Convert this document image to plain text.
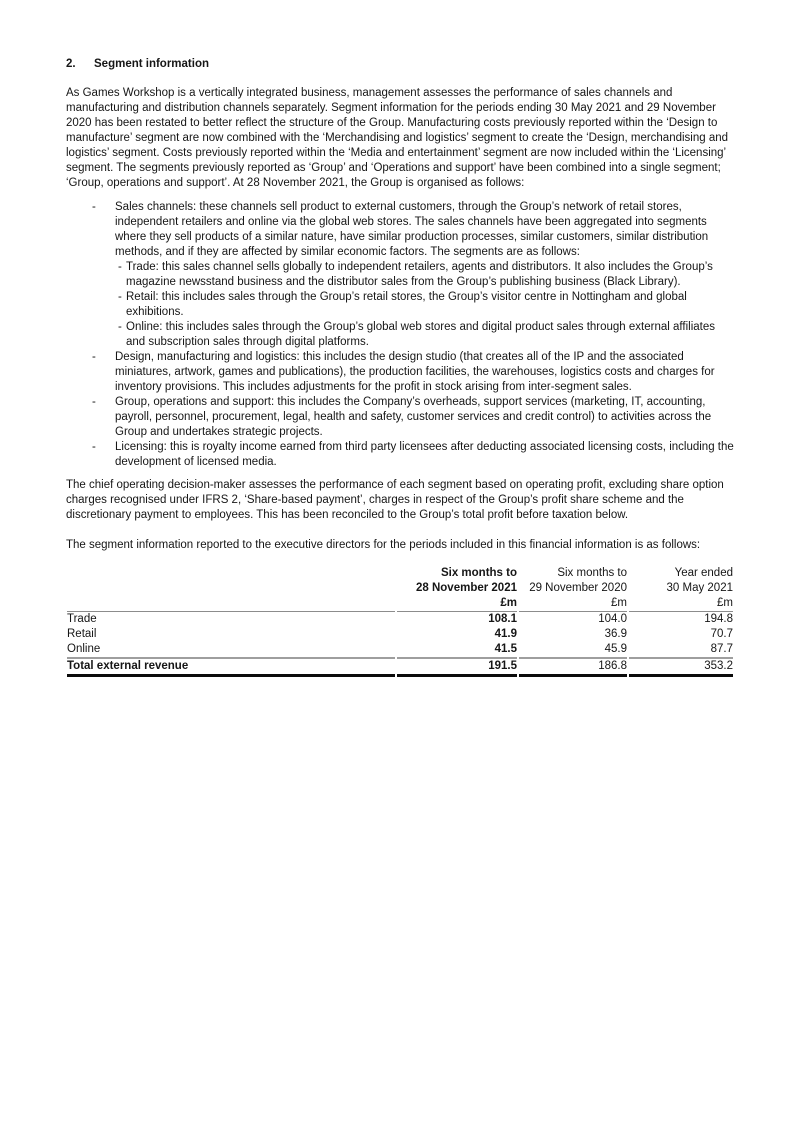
2.	Segment information
As Games Workshop is a vertically integrated business, management assesses the performance of sales channels and manufacturing and distribution channels separately. Segment information for the periods ending 30 May 2021 and 29 November 2020 has been restated to better reflect the structure of the Group. Manufacturing costs previously reported within the ‘Design to manufacture’ segment are now combined with the ‘Merchandising and logistics’ segment to create the ‘Design, merchandising and logistics’ segment. Costs previously reported within the ‘Media and entertainment’ segment are now included within the ‘Licensing’ segment. The segments previously reported as ‘Group’ and ‘Operations and support’ have been combined into a single segment; ‘Group, operations and support’. At 28 November 2021, the Group is organised as follows:
-	Sales channels: these channels sell product to external customers, through the Group’s network of retail stores, independent retailers and online via the global web stores. The sales channels have been aggregated into segments where they sell products of a similar nature, have similar production processes, similar customers, similar distribution methods, and if they are affected by similar economic factors. The segments are as follows:
- Trade: this sales channel sells globally to independent retailers, agents and distributors. It also includes the Group’s magazine newsstand business and the distributor sales from the Group’s publishing business (Black Library).
- Retail: this includes sales through the Group’s retail stores, the Group’s visitor centre in Nottingham and global exhibitions.
- Online: this includes sales through the Group’s global web stores and digital product sales through external affiliates and subscription sales through digital platforms.
-	Design, manufacturing and logistics: this includes the design studio (that creates all of the IP and the associated miniatures, artwork, games and publications), the production facilities, the warehouses, logistics costs and charges for inventory provisions. This includes adjustments for the profit in stock arising from inter-segment sales.
-	Group, operations and support: this includes the Company’s overheads, support services (marketing, IT, accounting, payroll, personnel, procurement, legal, health and safety, customer services and credit control) to activities across the Group and undertakes strategic projects.
-	Licensing: this is royalty income earned from third party licensees after deducting associated licensing costs, including the development of licensed media.
The chief operating decision-maker assesses the performance of each segment based on operating profit, excluding share option charges recognised under IFRS 2, ‘Share-based payment’, charges in respect of the Group’s profit share scheme and the discretionary payment to employees. This has been reconciled to the Group’s total profit before taxation below.
The segment information reported to the executive directors for the periods included in this financial information is as follows:
	Six months to	Six months to	Year ended
	28 November 2021	29 November 2020	30 May 2021
	£m	£m	£m
Trade	108.1	104.0	194.8
Retail	41.9	36.9	70.7
Online	41.5	45.9	87.7
Total external revenue	191.5	186.8	353.2
